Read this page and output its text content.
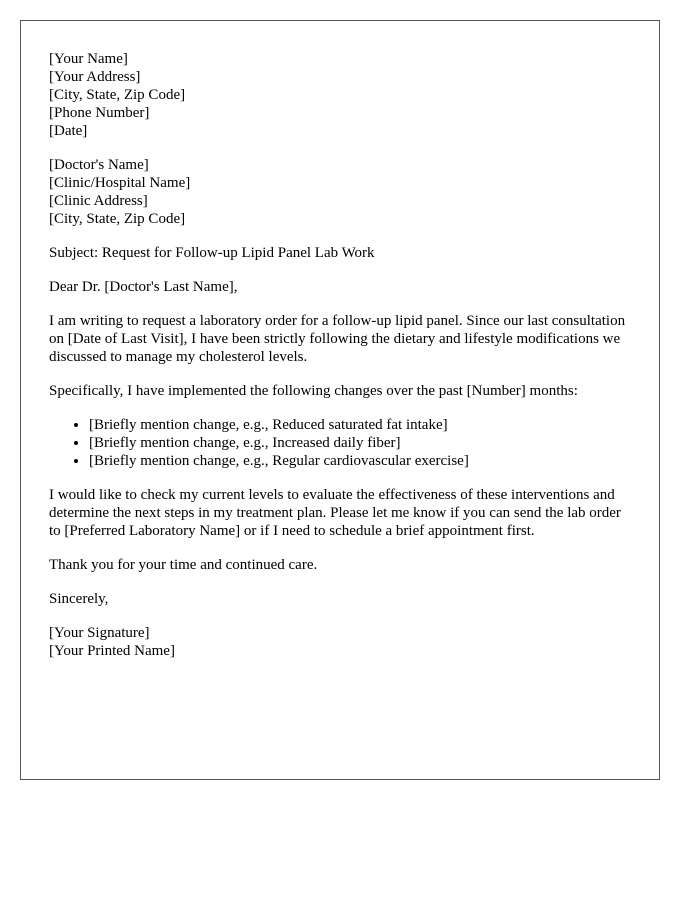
[Your Name]
[Your Address]
[City, State, Zip Code]
[Phone Number]
[Date]
[Doctor's Name]
[Clinic/Hospital Name]
[Clinic Address]
[City, State, Zip Code]

Subject: Request for Follow-up Lipid Panel Lab Work

Dear Dr. [Doctor's Last Name],

I am writing to request a laboratory order for a follow-up lipid panel. Since our last consultation on [Date of Last Visit], I have been strictly following the dietary and lifestyle modifications we discussed to manage my cholesterol levels.

Specifically, I have implemented the following changes over the past [Number] months:

• [Briefly mention change, e.g., Reduced saturated fat intake]
• [Briefly mention change, e.g., Increased daily fiber]
• [Briefly mention change, e.g., Regular cardiovascular exercise]

I would like to check my current levels to evaluate the effectiveness of these interventions and determine the next steps in my treatment plan. Please let me know if you can send the lab order to [Preferred Laboratory Name] or if I need to schedule a brief appointment first.

Thank you for your time and continued care.

Sincerely,

[Your Signature]
[Your Printed Name]
